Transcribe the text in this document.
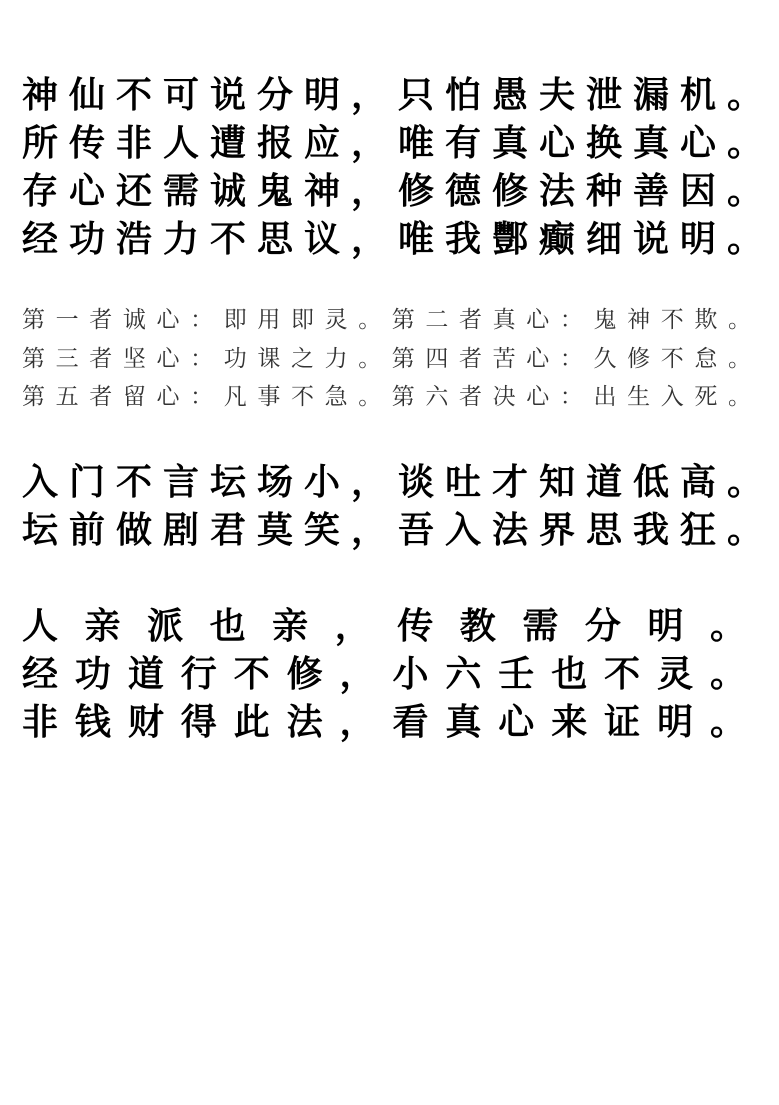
神仙不可说分明，只怕愚夫泄漏机。
所传非人遭报应，唯有真心换真心。
存心还需诚鬼神，修德修法种善因。
经功浩力不思议，唯我酆癫细说明。
第一者诚心：即用即灵。第二者真心：鬼神不欺。
第三者坚心：功课之力。第四者苦心：久修不怠。
第五者留心：凡事不急。第六者决心：出生入死。
入门不言坛场小，谈吐才知道低高。
坛前做剧君莫笑，吾入法界思我狂。
人亲派也亲，传教需分明。
经功道行不修，小六壬也不灵。
非钱财得此法，看真心来证明。
